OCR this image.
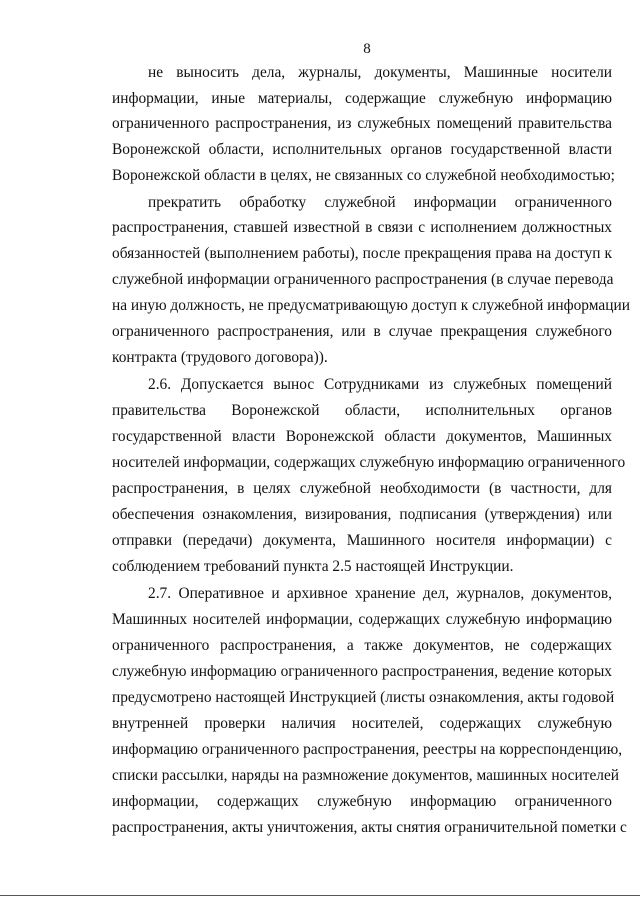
8
не выносить дела, журналы, документы, Машинные носители
информации, иные материалы, содержащие служебную информацию
ограниченного распространения, из служебных помещений правительства
Воронежской области, исполнительных органов государственной власти
Воронежской области в целях, не связанных со служебной необходимостью;
прекратить обработку служебной информации ограниченного
распространения, ставшей известной в связи с исполнением должностных
обязанностей (выполнением работы), после прекращения права на доступ к
служебной информации ограниченного распространения (в случае перевода
на иную должность, не предусматривающую доступ к служебной информации
ограниченного распространения, или в случае прекращения служебного
контракта (трудового договора)).
2.6. Допускается вынос Сотрудниками из служебных помещений
правительства Воронежской области, исполнительных органов
государственной власти Воронежской области документов, Машинных
носителей информации, содержащих служебную информацию ограниченного
распространения, в целях служебной необходимости (в частности, для
обеспечения ознакомления, визирования, подписания (утверждения) или
отправки (передачи) документа, Машинного носителя информации) с
соблюдением требований пункта 2.5 настоящей Инструкции.
2.7. Оперативное и архивное хранение дел, журналов, документов,
Машинных носителей информации, содержащих служебную информацию
ограниченного распространения, а также документов, не содержащих
служебную информацию ограниченного распространения, ведение которых
предусмотрено настоящей Инструкцией (листы ознакомления, акты годовой
внутренней проверки наличия носителей, содержащих служебную
информацию ограниченного распространения, реестры на корреспонденцию,
списки рассылки, наряды на размножение документов, машинных носителей
информации, содержащих служебную информацию ограниченного
распространения, акты уничтожения, акты снятия ограничительной пометки с
